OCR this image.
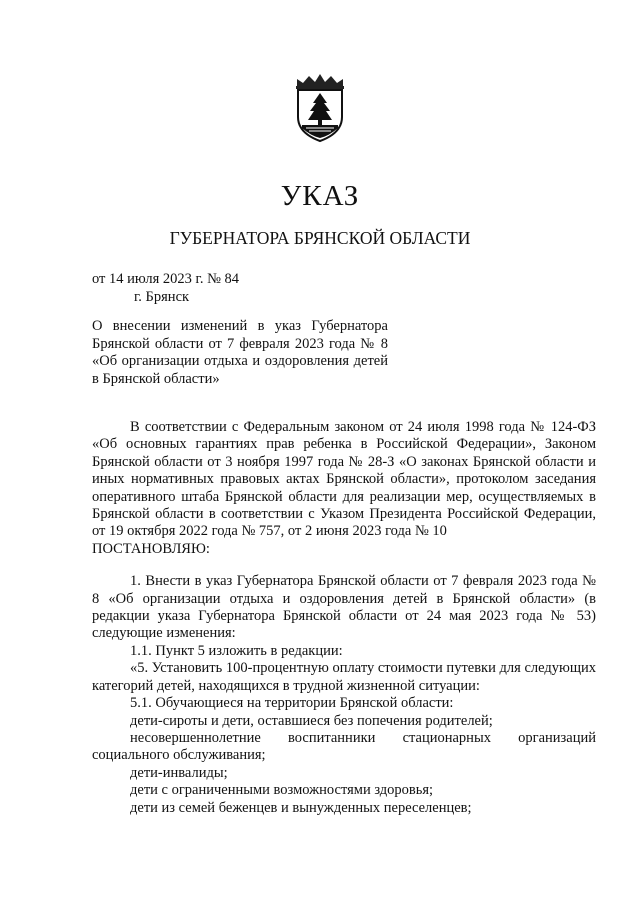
УКАЗ
ГУБЕРНАТОРА БРЯНСКОЙ ОБЛАСТИ
от 14 июля 2023 г. № 84
г. Брянск
О внесении изменений в указ Губернатора Брянской области от 7 февраля 2023 года № 8 «Об организации отдыха и оздоровления детей в Брянской области»

В соответствии с Федеральным законом от 24 июля 1998 года № 124-ФЗ «Об основных гарантиях прав ребенка в Российской Федерации», Законом Брянской области от 3 ноября 1997 года № 28-З «О законах Брянской области и иных нормативных правовых актах Брянской области», протоколом заседания оперативного штаба Брянской области для реализации мер, осуществляемых в Брянской области в соответствии с Указом Президента Российской Федерации, от 19 октября 2022 года № 757, от 2 июня 2023 года № 10

ПОСТАНОВЛЯЮ:

1. Внести в указ Губернатора Брянской области от 7 февраля 2023 года № 8 «Об организации отдыха и оздоровления детей в Брянской области» (в редакции указа Губернатора Брянской области от 24 мая 2023 года № 53) следующие изменения:

1.1. Пункт 5 изложить в редакции:

«5. Установить 100-процентную оплату стоимости путевки для следующих категорий детей, находящихся в трудной жизненной ситуации:

5.1. Обучающиеся на территории Брянской области:

дети-сироты и дети, оставшиеся без попечения родителей;

несовершеннолетние воспитанники стационарных организаций социального обслуживания;

дети-инвалиды;

дети с ограниченными возможностями здоровья;

дети из семей беженцев и вынужденных переселенцев;
